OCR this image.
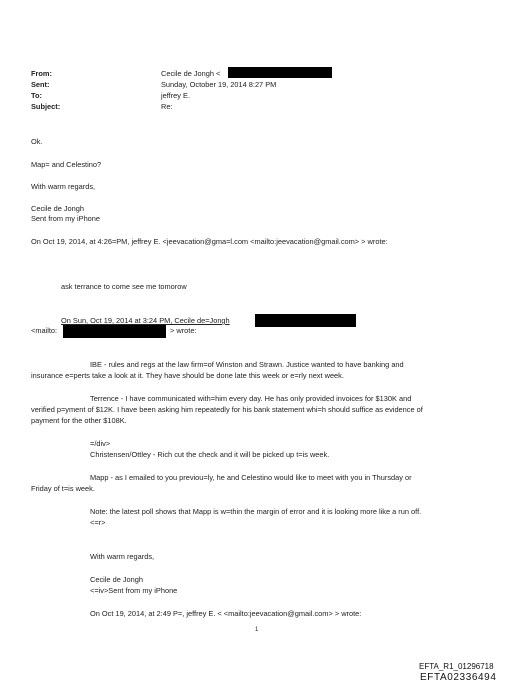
From:	Cecile de Jongh <
Sent:	Sunday, October 19, 2014 8:27 PM
To:	jeffrey E.
Subject:	Re:
Ok.
Map= and Celestino?
With warm regards,
Cecile de Jongh
Sent from my iPhone
On Oct 19, 2014, at 4:26=PM, jeffrey E. <jeevacation@gma=l.com <mailto:jeevacation@gmail.com> > wrote:
ask terrance to come see me tomorow
On Sun, Oct 19, 2014 at 3:24 PM, Cecile de=Jongh
<mailto:	> wrote:
IBE - rules and regs at the law firm=of Winston and Strawn. Justice wanted to have banking and
insurance e=perts take a look at it. They have should be done late this week or e=rly next week.
Terrence - I have communicated with=him every day. He has only provided invoices for $130K and
verified p=yment of $12K. I have been asking him repeatedly for his bank statement whi=h should suffice as evidence of
payment for the other $108K.
=/div>
Christensen/Ottley - Rich cut the check and it will be picked up t=is week.
Mapp - as I emailed to you previou=ly, he and Celestino would like to meet with you in Thursday or
Friday of t=is week.
Note: the latest poll shows that Mapp is w=thin the margin of error and it is looking more like a run off.
<=r>
With warm regards,
Cecile de Jongh
<=iv>Sent from my iPhone
On Oct 19, 2014, at 2:49 P=, jeffrey E. < <mailto:jeevacation@gmail.com> > wrote:
1
EFTA_R1_01296718
EFTA02336494
